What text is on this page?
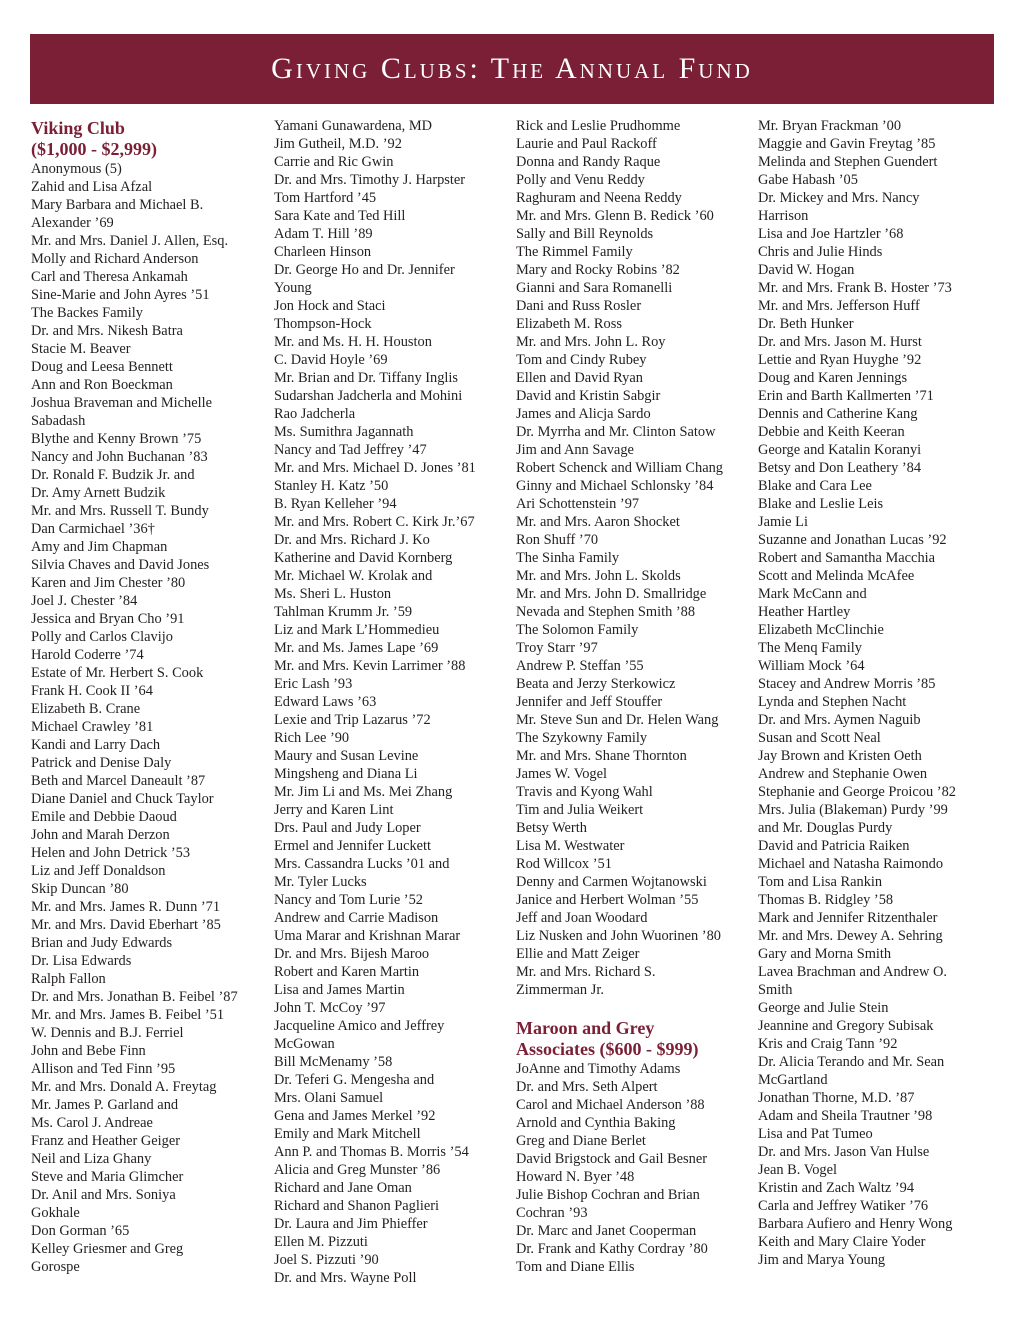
Giving Clubs: The Annual Fund
Viking Club
($1,000 - $2,999)
Anonymous (5)
Zahid and Lisa Afzal
Mary Barbara and Michael B.
Alexander ’69
Mr. and Mrs. Daniel J. Allen, Esq.
Molly and Richard Anderson
Carl and Theresa Ankamah
Sine-Marie and John Ayres ’51
The Backes Family
Dr. and Mrs. Nikesh Batra
Stacie M. Beaver
Doug and Leesa Bennett
Ann and Ron Boeckman
Joshua Braveman and Michelle
Sabadash
Blythe and Kenny Brown ’75
Nancy and John Buchanan ’83
Dr. Ronald F. Budzik Jr. and
Dr. Amy Arnett Budzik
Mr. and Mrs. Russell T. Bundy
Dan Carmichael ’36†
Amy and Jim Chapman
Silvia Chaves and David Jones
Karen and Jim Chester ’80
Joel J. Chester ’84
Jessica and Bryan Cho ’91
Polly and Carlos Clavijo
Harold Coderre ’74
Estate of Mr. Herbert S. Cook
Frank H. Cook II ’64
Elizabeth B. Crane
Michael Crawley ’81
Kandi and Larry Dach
Patrick and Denise Daly
Beth and Marcel Daneault ’87
Diane Daniel and Chuck Taylor
Emile and Debbie Daoud
John and Marah Derzon
Helen and John Detrick ’53
Liz and Jeff Donaldson
Skip Duncan ’80
Mr. and Mrs. James R. Dunn ’71
Mr. and Mrs. David Eberhart ’85
Brian and Judy Edwards
Dr. Lisa Edwards
Ralph Fallon
Dr. and Mrs. Jonathan B. Feibel ’87
Mr. and Mrs. James B. Feibel ’51
W. Dennis and B.J. Ferriel
John and Bebe Finn
Allison and Ted Finn ’95
Mr. and Mrs. Donald A. Freytag
Mr. James P. Garland and
Ms. Carol J. Andreae
Franz and Heather Geiger
Neil and Liza Ghany
Steve and Maria Glimcher
Dr. Anil and Mrs. Soniya
Gokhale
Don Gorman ’65
Kelley Griesmer and Greg
Gorospe
Yamani Gunawardena, MD
Jim Gutheil, M.D. ’92
Carrie and Ric Gwin
Dr. and Mrs. Timothy J. Harpster
Tom Hartford ’45
Sara Kate and Ted Hill
Adam T. Hill ’89
Charleen Hinson
Dr. George Ho and Dr. Jennifer
Young
Jon Hock and Staci
Thompson-Hock
Mr. and Ms. H. H. Houston
C. David Hoyle ’69
Mr. Brian and Dr. Tiffany Inglis
Sudarshan Jadcherla and Mohini
Rao Jadcherla
Ms. Sumithra Jagannath
Nancy and Tad Jeffrey ’47
Mr. and Mrs. Michael D. Jones ’81
Stanley H. Katz ’50
B. Ryan Kelleher ’94
Mr. and Mrs. Robert C. Kirk Jr.’67
Dr. and Mrs. Richard J. Ko
Katherine and David Kornberg
Mr. Michael W. Krolak and
Ms. Sheri L. Huston
Tahlman Krumm Jr. ’59
Liz and Mark L’Hommedieu
Mr. and Ms. James Lape ’69
Mr. and Mrs. Kevin Larrimer ’88
Eric Lash ’93
Edward Laws ’63
Lexie and Trip Lazarus ’72
Rich Lee ’90
Maury and Susan Levine
Mingsheng and Diana Li
Mr. Jim Li and Ms. Mei Zhang
Jerry and Karen Lint
Drs. Paul and Judy Loper
Ermel and Jennifer Luckett
Mrs. Cassandra Lucks ’01 and
Mr. Tyler Lucks
Nancy and Tom Lurie ’52
Andrew and Carrie Madison
Uma Marar and Krishnan Marar
Dr. and Mrs. Bijesh Maroo
Robert and Karen Martin
Lisa and James Martin
John T. McCoy ’97
Jacqueline Amico and Jeffrey
McGowan
Bill McMenamy ’58
Dr. Teferi G. Mengesha and
Mrs. Olani Samuel
Gena and James Merkel ’92
Emily and Mark Mitchell
Ann P. and Thomas B. Morris ’54
Alicia and Greg Munster ’86
Richard and Jane Oman
Richard and Shanon Paglieri
Dr. Laura and Jim Phieffer
Ellen M. Pizzuti
Joel S. Pizzuti ’90
Dr. and Mrs. Wayne Poll
Rick and Leslie Prudhomme
Laurie and Paul Rackoff
Donna and Randy Raque
Polly and Venu Reddy
Raghuram and Neena Reddy
Mr. and Mrs. Glenn B. Redick ’60
Sally and Bill Reynolds
The Rimmel Family
Mary and Rocky Robins ’82
Gianni and Sara Romanelli
Dani and Russ Rosler
Elizabeth M. Ross
Mr. and Mrs. John L. Roy
Tom and Cindy Rubey
Ellen and David Ryan
David and Kristin Sabgir
James and Alicja Sardo
Dr. Myrrha and Mr. Clinton Satow
Jim and Ann Savage
Robert Schenck and William Chang
Ginny and Michael Schlonsky ’84
Ari Schottenstein ’97
Mr. and Mrs. Aaron Shocket
Ron Shuff ’70
The Sinha Family
Mr. and Mrs. John L. Skolds
Mr. and Mrs. John D. Smallridge
Nevada and Stephen Smith ’88
The Solomon Family
Troy Starr ’97
Andrew P. Steffan ’55
Beata and Jerzy Sterkowicz
Jennifer and Jeff Stouffer
Mr. Steve Sun and Dr. Helen Wang
The Szykowny Family
Mr. and Mrs. Shane Thornton
James W. Vogel
Travis and Kyong Wahl
Tim and Julia Weikert
Betsy Werth
Lisa M. Westwater
Rod Willcox ’51
Denny and Carmen Wojtanowski
Janice and Herbert Wolman ’55
Jeff and Joan Woodard
Liz Nusken and John Wuorinen ’80
Ellie and Matt Zeiger
Mr. and Mrs. Richard S.
Zimmerman Jr.
Maroon and Grey
Associates ($600 - $999)
JoAnne and Timothy Adams
Dr. and Mrs. Seth Alpert
Carol and Michael Anderson ’88
Arnold and Cynthia Baking
Greg and Diane Berlet
David Brigstock and Gail Besner
Howard N. Byer ’48
Julie Bishop Cochran and Brian
Cochran ’93
Dr. Marc and Janet Cooperman
Dr. Frank and Kathy Cordray ’80
Tom and Diane Ellis
Mr. Bryan Frackman ’00
Maggie and Gavin Freytag ’85
Melinda and Stephen Guendert
Gabe Habash ’05
Dr. Mickey and Mrs. Nancy
Harrison
Lisa and Joe Hartzler ’68
Chris and Julie Hinds
David W. Hogan
Mr. and Mrs. Frank B. Hoster ’73
Mr. and Mrs. Jefferson Huff
Dr. Beth Hunker
Dr. and Mrs. Jason M. Hurst
Lettie and Ryan Huyghe ’92
Doug and Karen Jennings
Erin and Barth Kallmerten ’71
Dennis and Catherine Kang
Debbie and Keith Keeran
George and Katalin Koranyi
Betsy and Don Leathery ’84
Blake and Cara Lee
Blake and Leslie Leis
Jamie Li
Suzanne and Jonathan Lucas ’92
Robert and Samantha Macchia
Scott and Melinda McAfee
Mark McCann and
Heather Hartley
Elizabeth McClinchie
The Menq Family
William Mock ’64
Stacey and Andrew Morris ’85
Lynda and Stephen Nacht
Dr. and Mrs. Aymen Naguib
Susan and Scott Neal
Jay Brown and Kristen Oeth
Andrew and Stephanie Owen
Stephanie and George Proicou ’82
Mrs. Julia (Blakeman) Purdy ’99
and Mr. Douglas Purdy
David and Patricia Raiken
Michael and Natasha Raimondo
Tom and Lisa Rankin
Thomas B. Ridgley ’58
Mark and Jennifer Ritzenthaler
Mr. and Mrs. Dewey A. Sehring
Gary and Morna Smith
Lavea Brachman and Andrew O.
Smith
George and Julie Stein
Jeannine and Gregory Subisak
Kris and Craig Tann ’92
Dr. Alicia Terando and Mr. Sean
McGartland
Jonathan Thorne, M.D. ’87
Adam and Sheila Trautner ’98
Lisa and Pat Tumeo
Dr. and Mrs. Jason Van Hulse
Jean B. Vogel
Kristin and Zach Waltz ’94
Carla and Jeffrey Watiker ’76
Barbara Aufiero and Henry Wong
Keith and Mary Claire Yoder
Jim and Marya Young
